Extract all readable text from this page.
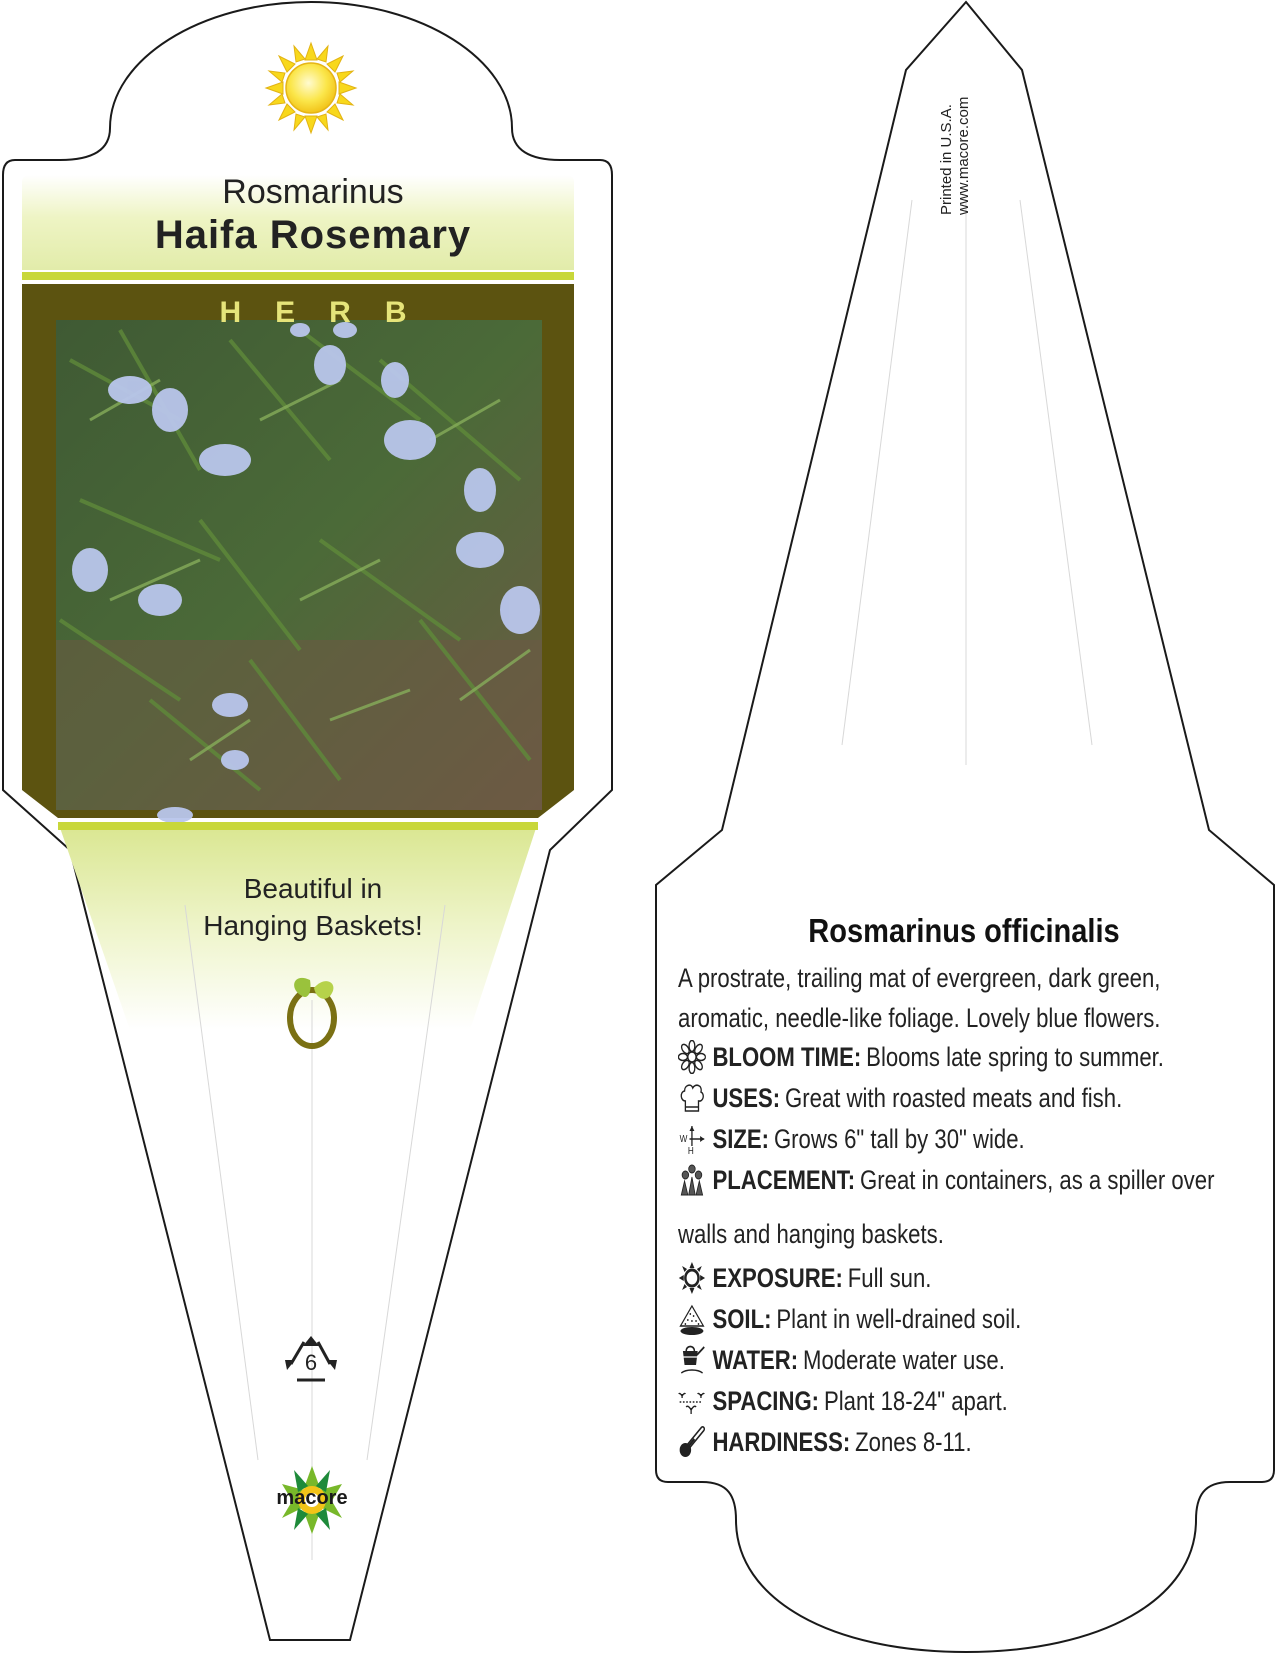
Rosmarinus
Haifa Rosemary
HERB
Beautiful in
Hanging Baskets!
6
macore
Printed in U.S.A. www.macore.com
Rosmarinus officinalis
A prostrate, trailing mat of evergreen, dark green,
aromatic, needle-like foliage. Lovely blue flowers.
BLOOM TIME: Blooms late spring to summer.
USES: Great with roasted meats and fish.
W
H SIZE: Grows 6" tall by 30" wide.
PLACEMENT: Great in containers, as a spiller over
walls and hanging baskets.
EXPOSURE: Full sun.
SOIL: Plant in well-drained soil.
WATER: Moderate water use.
SPACING: Plant 18-24" apart.
HARDINESS: Zones 8-11.
